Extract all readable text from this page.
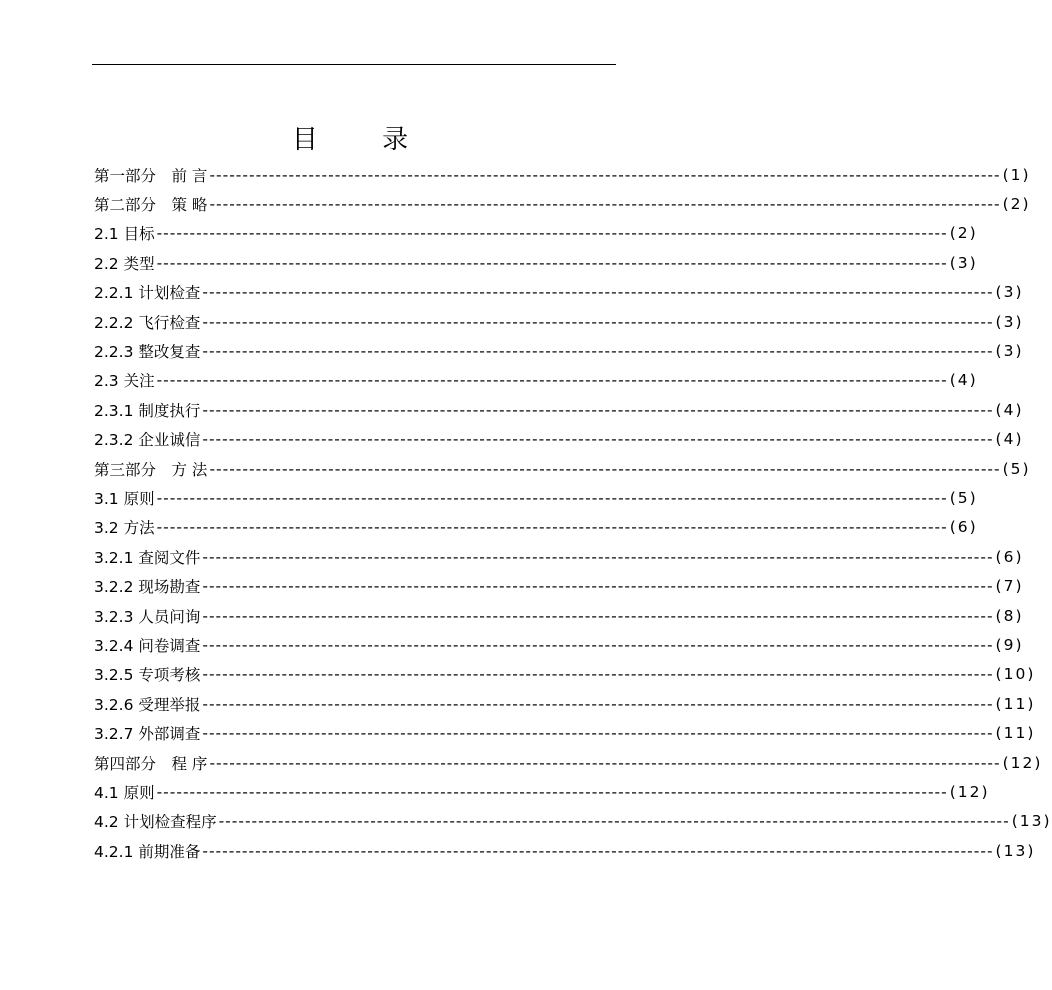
目 录
第一部分　前 言 ------------------------------------------------------------------------------------------------------------------------ (1)
第二部分　策 略 ------------------------------------------------------------------------------------------------------------------------ (2)
2.1 目标 ------------------------------------------------------------------------------------------------------------------------ (2)
2.2 类型 ------------------------------------------------------------------------------------------------------------------------ (3)
2.2.1 计划检查 ------------------------------------------------------------------------------------------------------------------------ (3)
2.2.2 飞行检查 ------------------------------------------------------------------------------------------------------------------------ (3)
2.2.3 整改复查 ------------------------------------------------------------------------------------------------------------------------ (3)
2.3 关注 ------------------------------------------------------------------------------------------------------------------------ (4)
2.3.1 制度执行 ------------------------------------------------------------------------------------------------------------------------ (4)
2.3.2 企业诚信 ------------------------------------------------------------------------------------------------------------------------ (4)
第三部分　方 法 ------------------------------------------------------------------------------------------------------------------------ (5)
3.1 原则 ------------------------------------------------------------------------------------------------------------------------ (5)
3.2 方法 ------------------------------------------------------------------------------------------------------------------------ (6)
3.2.1 查阅文件 ------------------------------------------------------------------------------------------------------------------------ (6)
3.2.2 现场勘查 ------------------------------------------------------------------------------------------------------------------------ (7)
3.2.3 人员问询 ------------------------------------------------------------------------------------------------------------------------ (8)
3.2.4 问卷调查 ------------------------------------------------------------------------------------------------------------------------ (9)
3.2.5 专项考核 ------------------------------------------------------------------------------------------------------------------------ (10)
3.2.6 受理举报 ------------------------------------------------------------------------------------------------------------------------ (11)
3.2.7 外部调查 ------------------------------------------------------------------------------------------------------------------------ (11)
第四部分　程 序 ------------------------------------------------------------------------------------------------------------------------ (12)
4.1 原则 ------------------------------------------------------------------------------------------------------------------------ (12)
4.2 计划检查程序 ------------------------------------------------------------------------------------------------------------------------ (13)
4.2.1 前期准备 ------------------------------------------------------------------------------------------------------------------------ (13)
